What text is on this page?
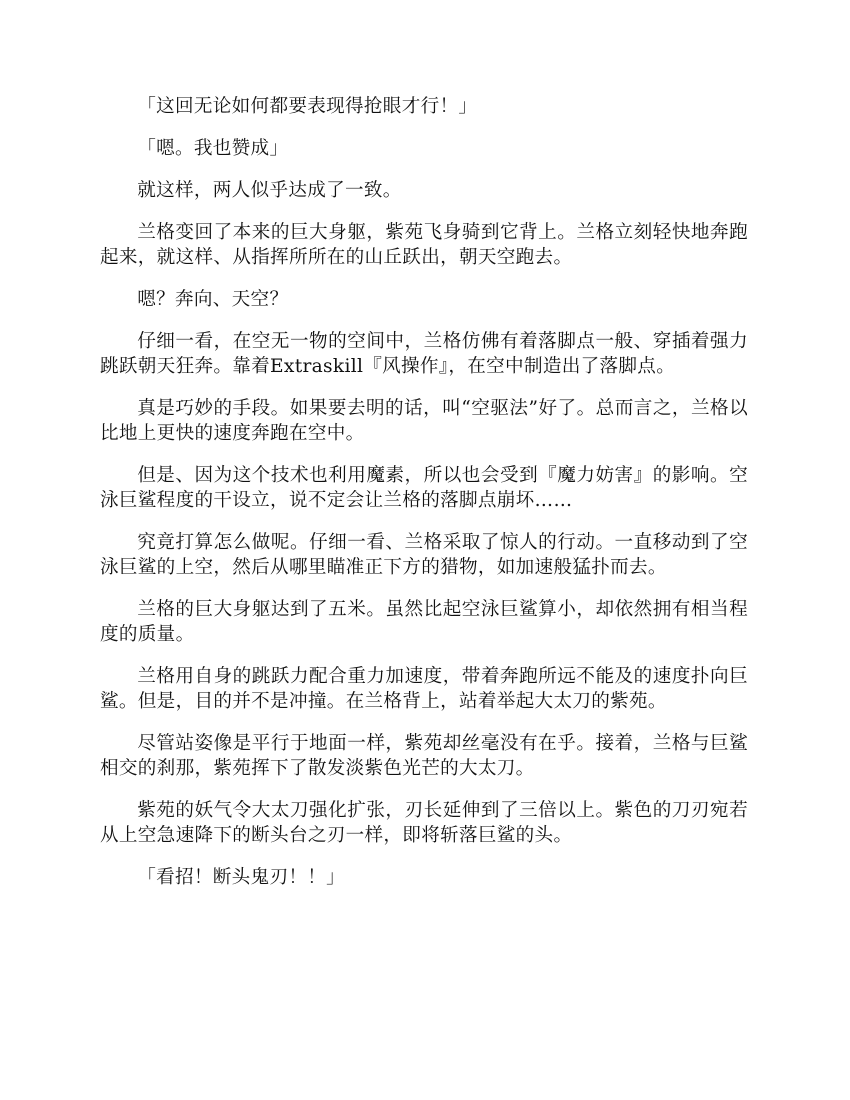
「这回无论如何都要表现得抢眼才行！」

「嗯。我也赞成」

就这样，两人似乎达成了一致。

兰格变回了本来的巨大身躯，紫苑飞身骑到它背上。兰格立刻轻快地奔跑起来，就这样、从指挥所所在的山丘跃出，朝天空跑去。

嗯？奔向、天空？

仔细一看，在空无一物的空间中，兰格仿佛有着落脚点一般、穿插着强力跳跃朝天狂奔。靠着Extraskill『风操作』，在空中制造出了落脚点。

真是巧妙的手段。如果要去明的话，叫“空驱法”好了。总而言之，兰格以比地上更快的速度奔跑在空中。

但是、因为这个技术也利用魔素，所以也会受到『魔力妨害』的影响。空泳巨鲨程度的干设立，说不定会让兰格的落脚点崩坏……

究竟打算怎么做呢。仔细一看、兰格采取了惊人的行动。一直移动到了空泳巨鲨的上空，然后从哪里瞄准正下方的猎物，如加速般猛扑而去。

兰格的巨大身躯达到了五米。虽然比起空泳巨鲨算小，却依然拥有相当程度的质量。

兰格用自身的跳跃力配合重力加速度，带着奔跑所远不能及的速度扑向巨鲨。但是，目的并不是冲撞。在兰格背上，站着举起大太刀的紫苑。

尽管站姿像是平行于地面一样，紫苑却丝毫没有在乎。接着，兰格与巨鲨相交的刹那，紫苑挥下了散发淡紫色光芒的大太刀。

紫苑的妖气令大太刀强化扩张，刃长延伸到了三倍以上。紫色的刀刃宛若从上空急速降下的断头台之刃一样，即将斩落巨鲨的头。

「看招！断头鬼刃！！」
